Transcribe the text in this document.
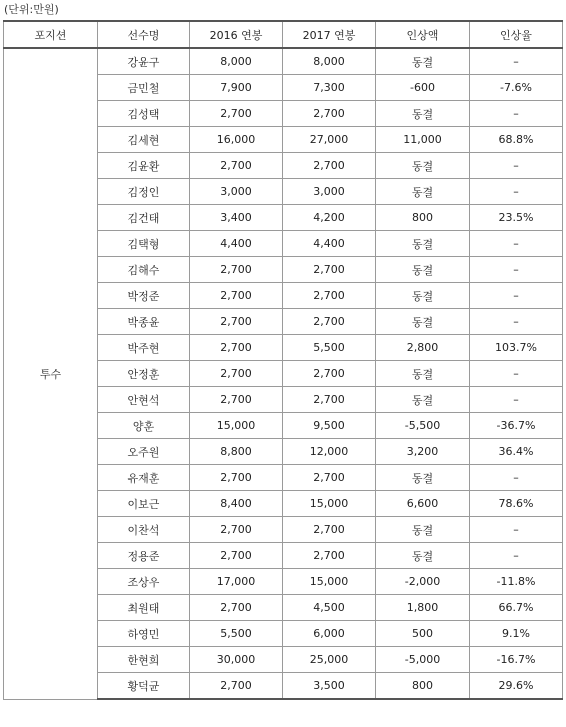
(단위:만원)
포지션	선수명	2016 연봉	2017 연봉	인상액	인상율
투수	강윤구	8,000	8,000	동결	–
	금민철	7,900	7,300	-600	-7.6%
	김성택	2,700	2,700	동결	–
	김세현	16,000	27,000	11,000	68.8%
	김윤환	2,700	2,700	동결	–
	김정인	3,000	3,000	동결	–
	김건태	3,400	4,200	800	23.5%
	김택형	4,400	4,400	동결	–
	김해수	2,700	2,700	동결	–
	박정준	2,700	2,700	동결	–
	박종윤	2,700	2,700	동결	–
	박주현	2,700	5,500	2,800	103.7%
	안정훈	2,700	2,700	동결	–
	안현석	2,700	2,700	동결	–
	양훈	15,000	9,500	-5,500	-36.7%
	오주원	8,800	12,000	3,200	36.4%
	유재훈	2,700	2,700	동결	–
	이보근	8,400	15,000	6,600	78.6%
	이찬석	2,700	2,700	동결	–
	정용준	2,700	2,700	동결	–
	조상우	17,000	15,000	-2,000	-11.8%
	최원태	2,700	4,500	1,800	66.7%
	하영민	5,500	6,000	500	9.1%
	한현희	30,000	25,000	-5,000	-16.7%
	황덕균	2,700	3,500	800	29.6%
